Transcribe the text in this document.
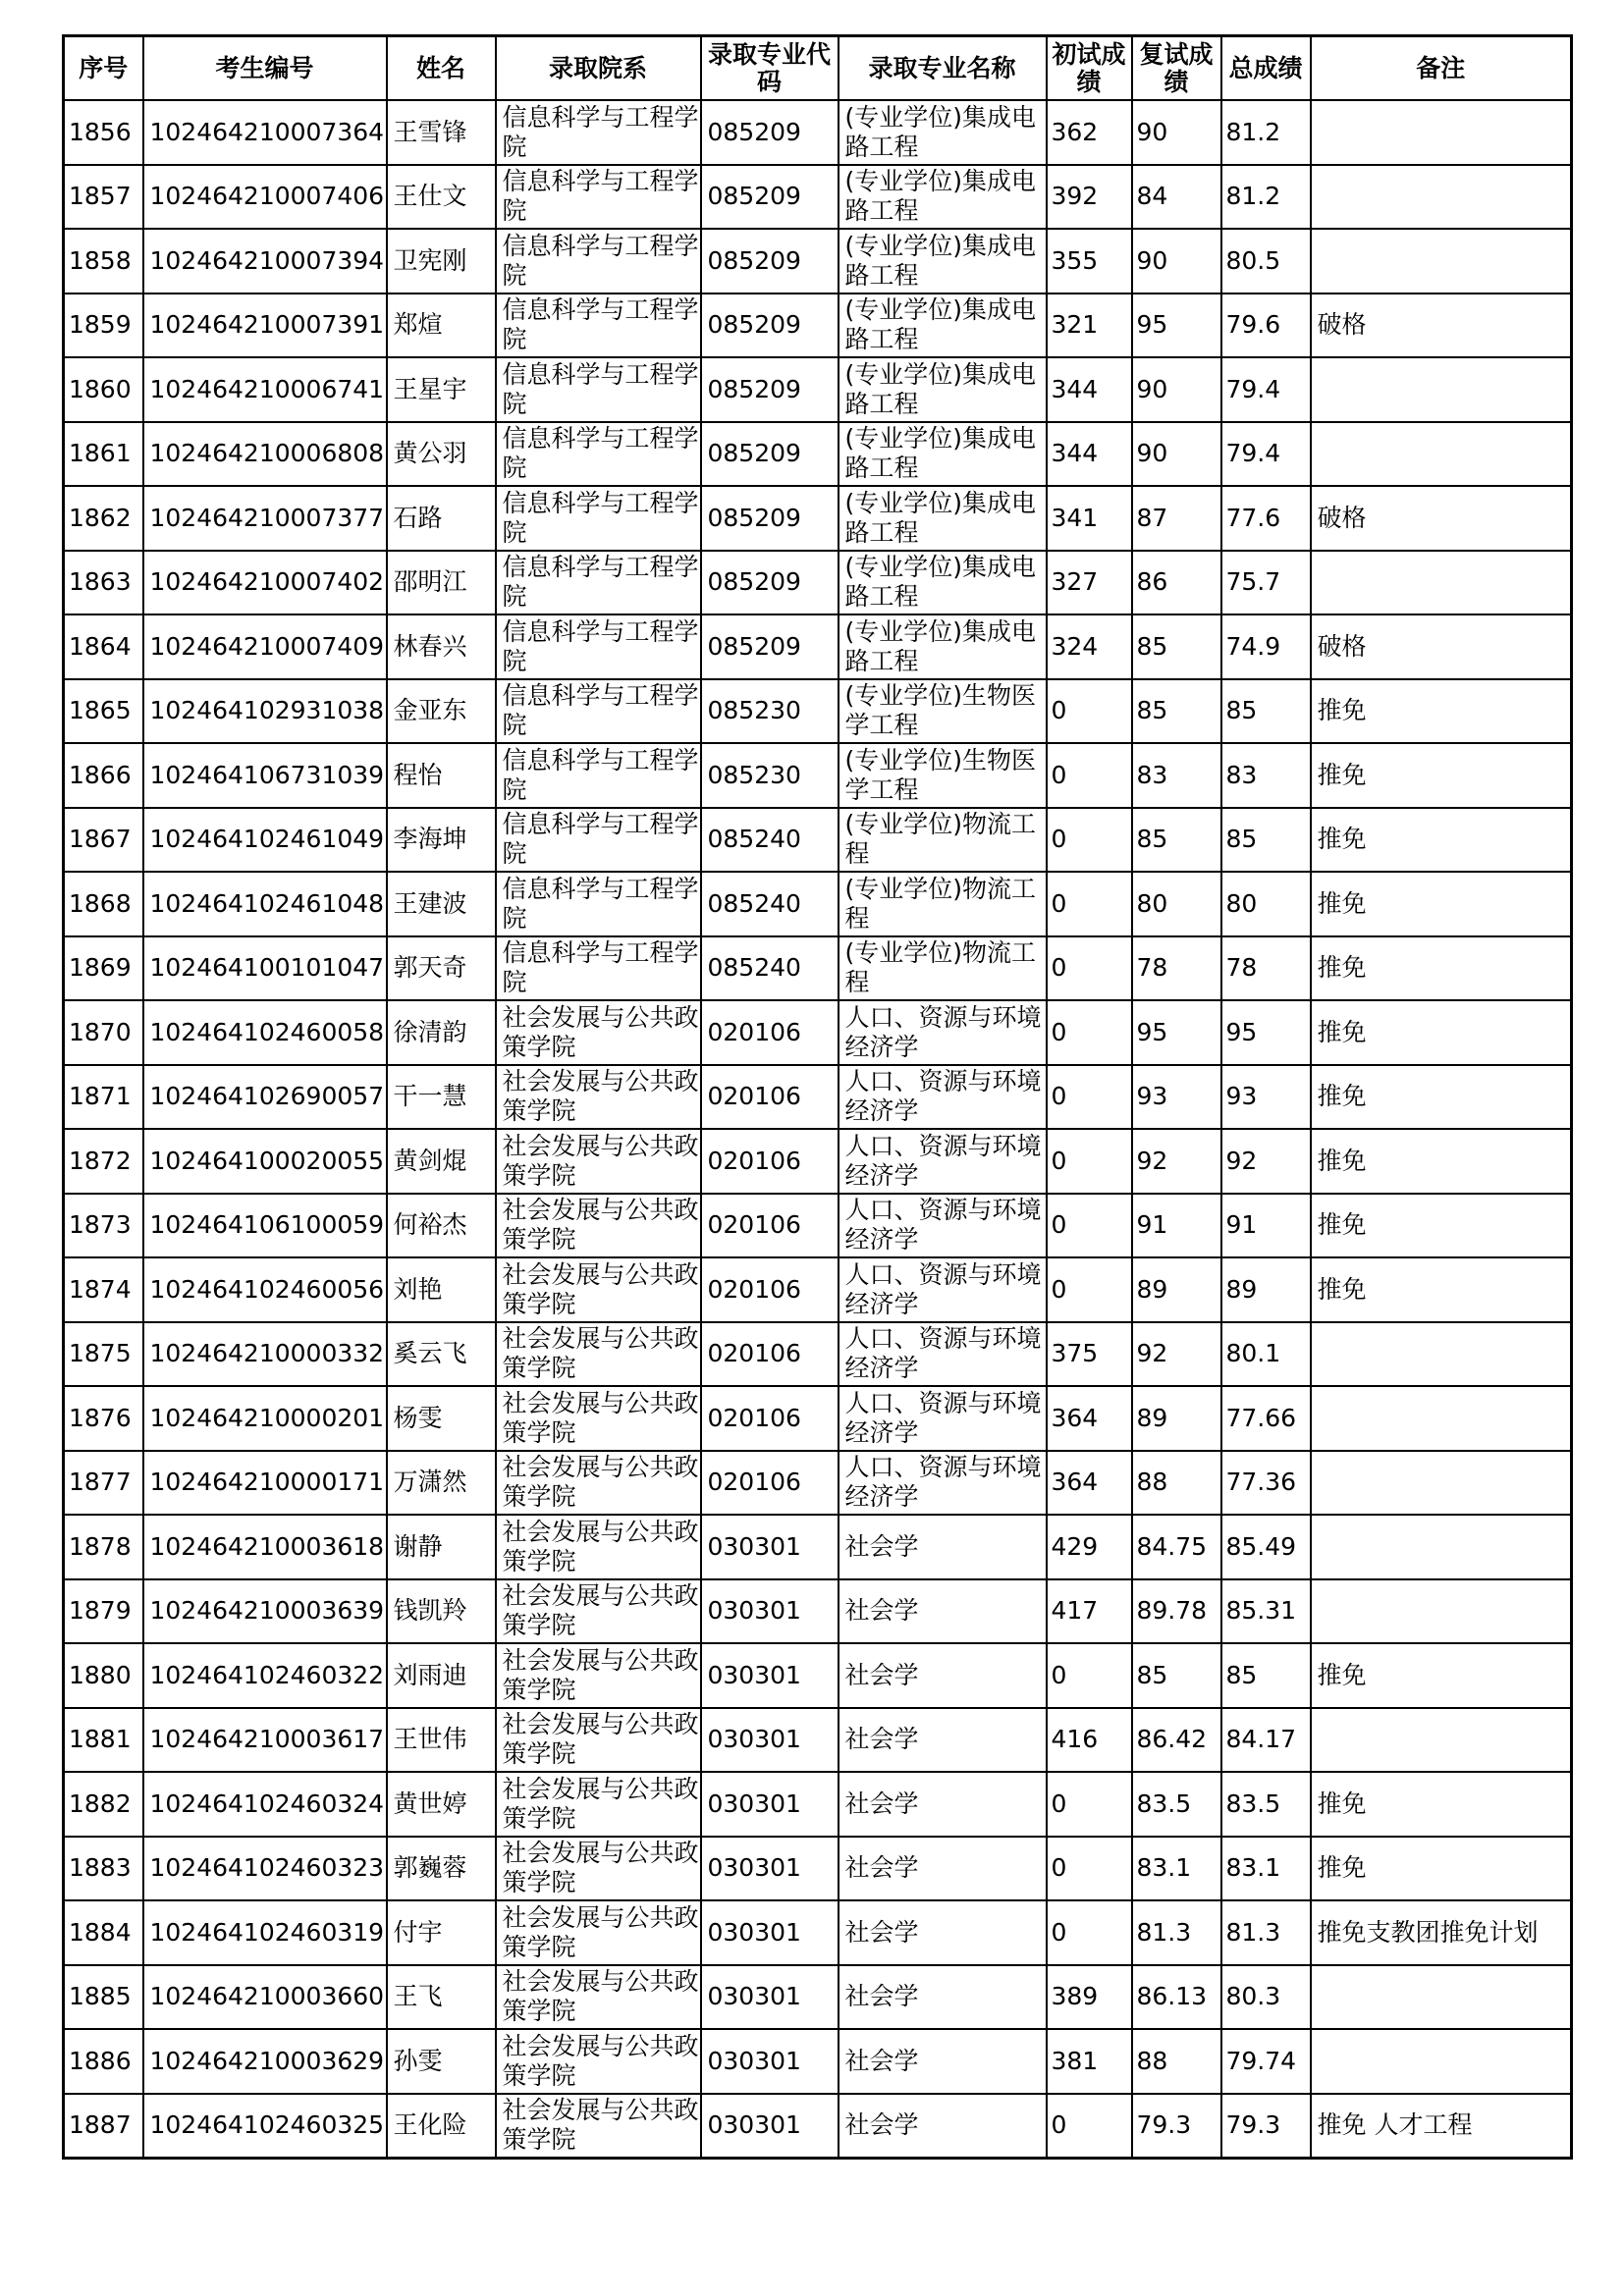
序号	考生编号	姓名	录取院系	录取专业代码	录取专业名称	初试成绩	复试成绩	总成绩	备注
1856	102464210007364	王雪锋	信息科学与工程学院	085209	(专业学位)集成电路工程	362	90	81.2	
1857	102464210007406	王仕文	信息科学与工程学院	085209	(专业学位)集成电路工程	392	84	81.2	
1858	102464210007394	卫宪刚	信息科学与工程学院	085209	(专业学位)集成电路工程	355	90	80.5	
1859	102464210007391	郑煊	信息科学与工程学院	085209	(专业学位)集成电路工程	321	95	79.6	破格
1860	102464210006741	王星宇	信息科学与工程学院	085209	(专业学位)集成电路工程	344	90	79.4	
1861	102464210006808	黄公羽	信息科学与工程学院	085209	(专业学位)集成电路工程	344	90	79.4	
1862	102464210007377	石路	信息科学与工程学院	085209	(专业学位)集成电路工程	341	87	77.6	破格
1863	102464210007402	邵明江	信息科学与工程学院	085209	(专业学位)集成电路工程	327	86	75.7	
1864	102464210007409	林春兴	信息科学与工程学院	085209	(专业学位)集成电路工程	324	85	74.9	破格
1865	102464102931038	金亚东	信息科学与工程学院	085230	(专业学位)生物医学工程	0	85	85	推免
1866	102464106731039	程怡	信息科学与工程学院	085230	(专业学位)生物医学工程	0	83	83	推免
1867	102464102461049	李海坤	信息科学与工程学院	085240	(专业学位)物流工程	0	85	85	推免
1868	102464102461048	王建波	信息科学与工程学院	085240	(专业学位)物流工程	0	80	80	推免
1869	102464100101047	郭天奇	信息科学与工程学院	085240	(专业学位)物流工程	0	78	78	推免
1870	102464102460058	徐清韵	社会发展与公共政策学院	020106	人口、资源与环境经济学	0	95	95	推免
1871	102464102690057	干一慧	社会发展与公共政策学院	020106	人口、资源与环境经济学	0	93	93	推免
1872	102464100020055	黄剑焜	社会发展与公共政策学院	020106	人口、资源与环境经济学	0	92	92	推免
1873	102464106100059	何裕杰	社会发展与公共政策学院	020106	人口、资源与环境经济学	0	91	91	推免
1874	102464102460056	刘艳	社会发展与公共政策学院	020106	人口、资源与环境经济学	0	89	89	推免
1875	102464210000332	奚云飞	社会发展与公共政策学院	020106	人口、资源与环境经济学	375	92	80.1	
1876	102464210000201	杨雯	社会发展与公共政策学院	020106	人口、资源与环境经济学	364	89	77.66	
1877	102464210000171	万潇然	社会发展与公共政策学院	020106	人口、资源与环境经济学	364	88	77.36	
1878	102464210003618	谢静	社会发展与公共政策学院	030301	社会学	429	84.75	85.49	
1879	102464210003639	钱凯羚	社会发展与公共政策学院	030301	社会学	417	89.78	85.31	
1880	102464102460322	刘雨迪	社会发展与公共政策学院	030301	社会学	0	85	85	推免
1881	102464210003617	王世伟	社会发展与公共政策学院	030301	社会学	416	86.42	84.17	
1882	102464102460324	黄世婷	社会发展与公共政策学院	030301	社会学	0	83.5	83.5	推免
1883	102464102460323	郭巍蓉	社会发展与公共政策学院	030301	社会学	0	83.1	83.1	推免
1884	102464102460319	付宇	社会发展与公共政策学院	030301	社会学	0	81.3	81.3	推免支教团推免计划
1885	102464210003660	王飞	社会发展与公共政策学院	030301	社会学	389	86.13	80.3	
1886	102464210003629	孙雯	社会发展与公共政策学院	030301	社会学	381	88	79.74	
1887	102464102460325	王化险	社会发展与公共政策学院	030301	社会学	0	79.3	79.3	推免 人才工程
